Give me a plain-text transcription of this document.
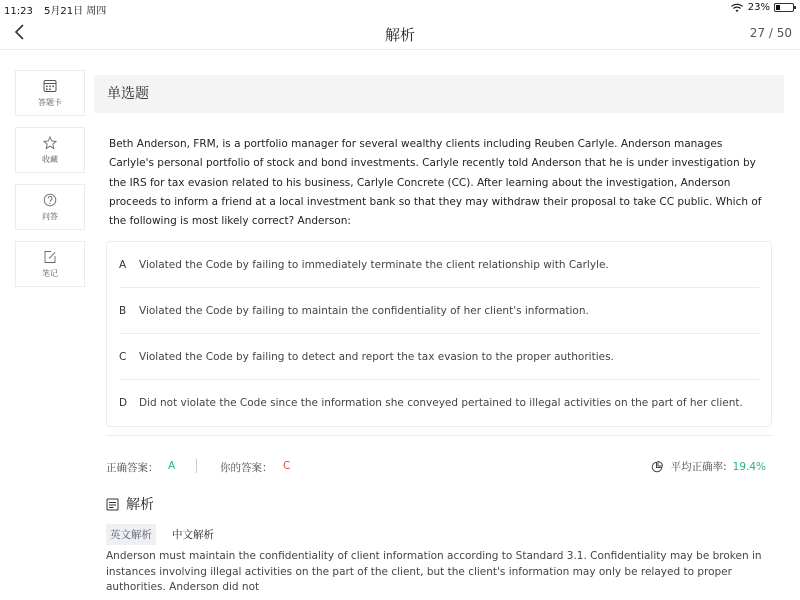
11:23 5月21日 周四	23%
解析	27 / 50
答题卡
收藏
问答
笔记
单选题
Beth Anderson, FRM, is a portfolio manager for several wealthy clients including Reuben Carlyle. Anderson manages Carlyle's personal portfolio of stock and bond investments. Carlyle recently told Anderson that he is under investigation by the IRS for tax evasion related to his business, Carlyle Concrete (CC). After learning about the investigation, Anderson proceeds to inform a friend at a local investment bank so that they may withdraw their proposal to take CC public. Which of the following is most likely correct? Anderson:
A	Violated the Code by failing to immediately terminate the client relationship with Carlyle.
B	Violated the Code by failing to maintain the confidentiality of her client's information.
C	Violated the Code by failing to detect and report the tax evasion to the proper authorities.
D	Did not violate the Code since the information she conveyed pertained to illegal activities on the part of her client.
正确答案： A	你的答案： C	平均正确率: 19.4%
解析
英文解析	中文解析
Anderson must maintain the confidentiality of client information according to Standard 3.1. Confidentiality may be broken in instances involving illegal activities on the part of the client, but the client's information may only be relayed to proper authorities. Anderson did not
